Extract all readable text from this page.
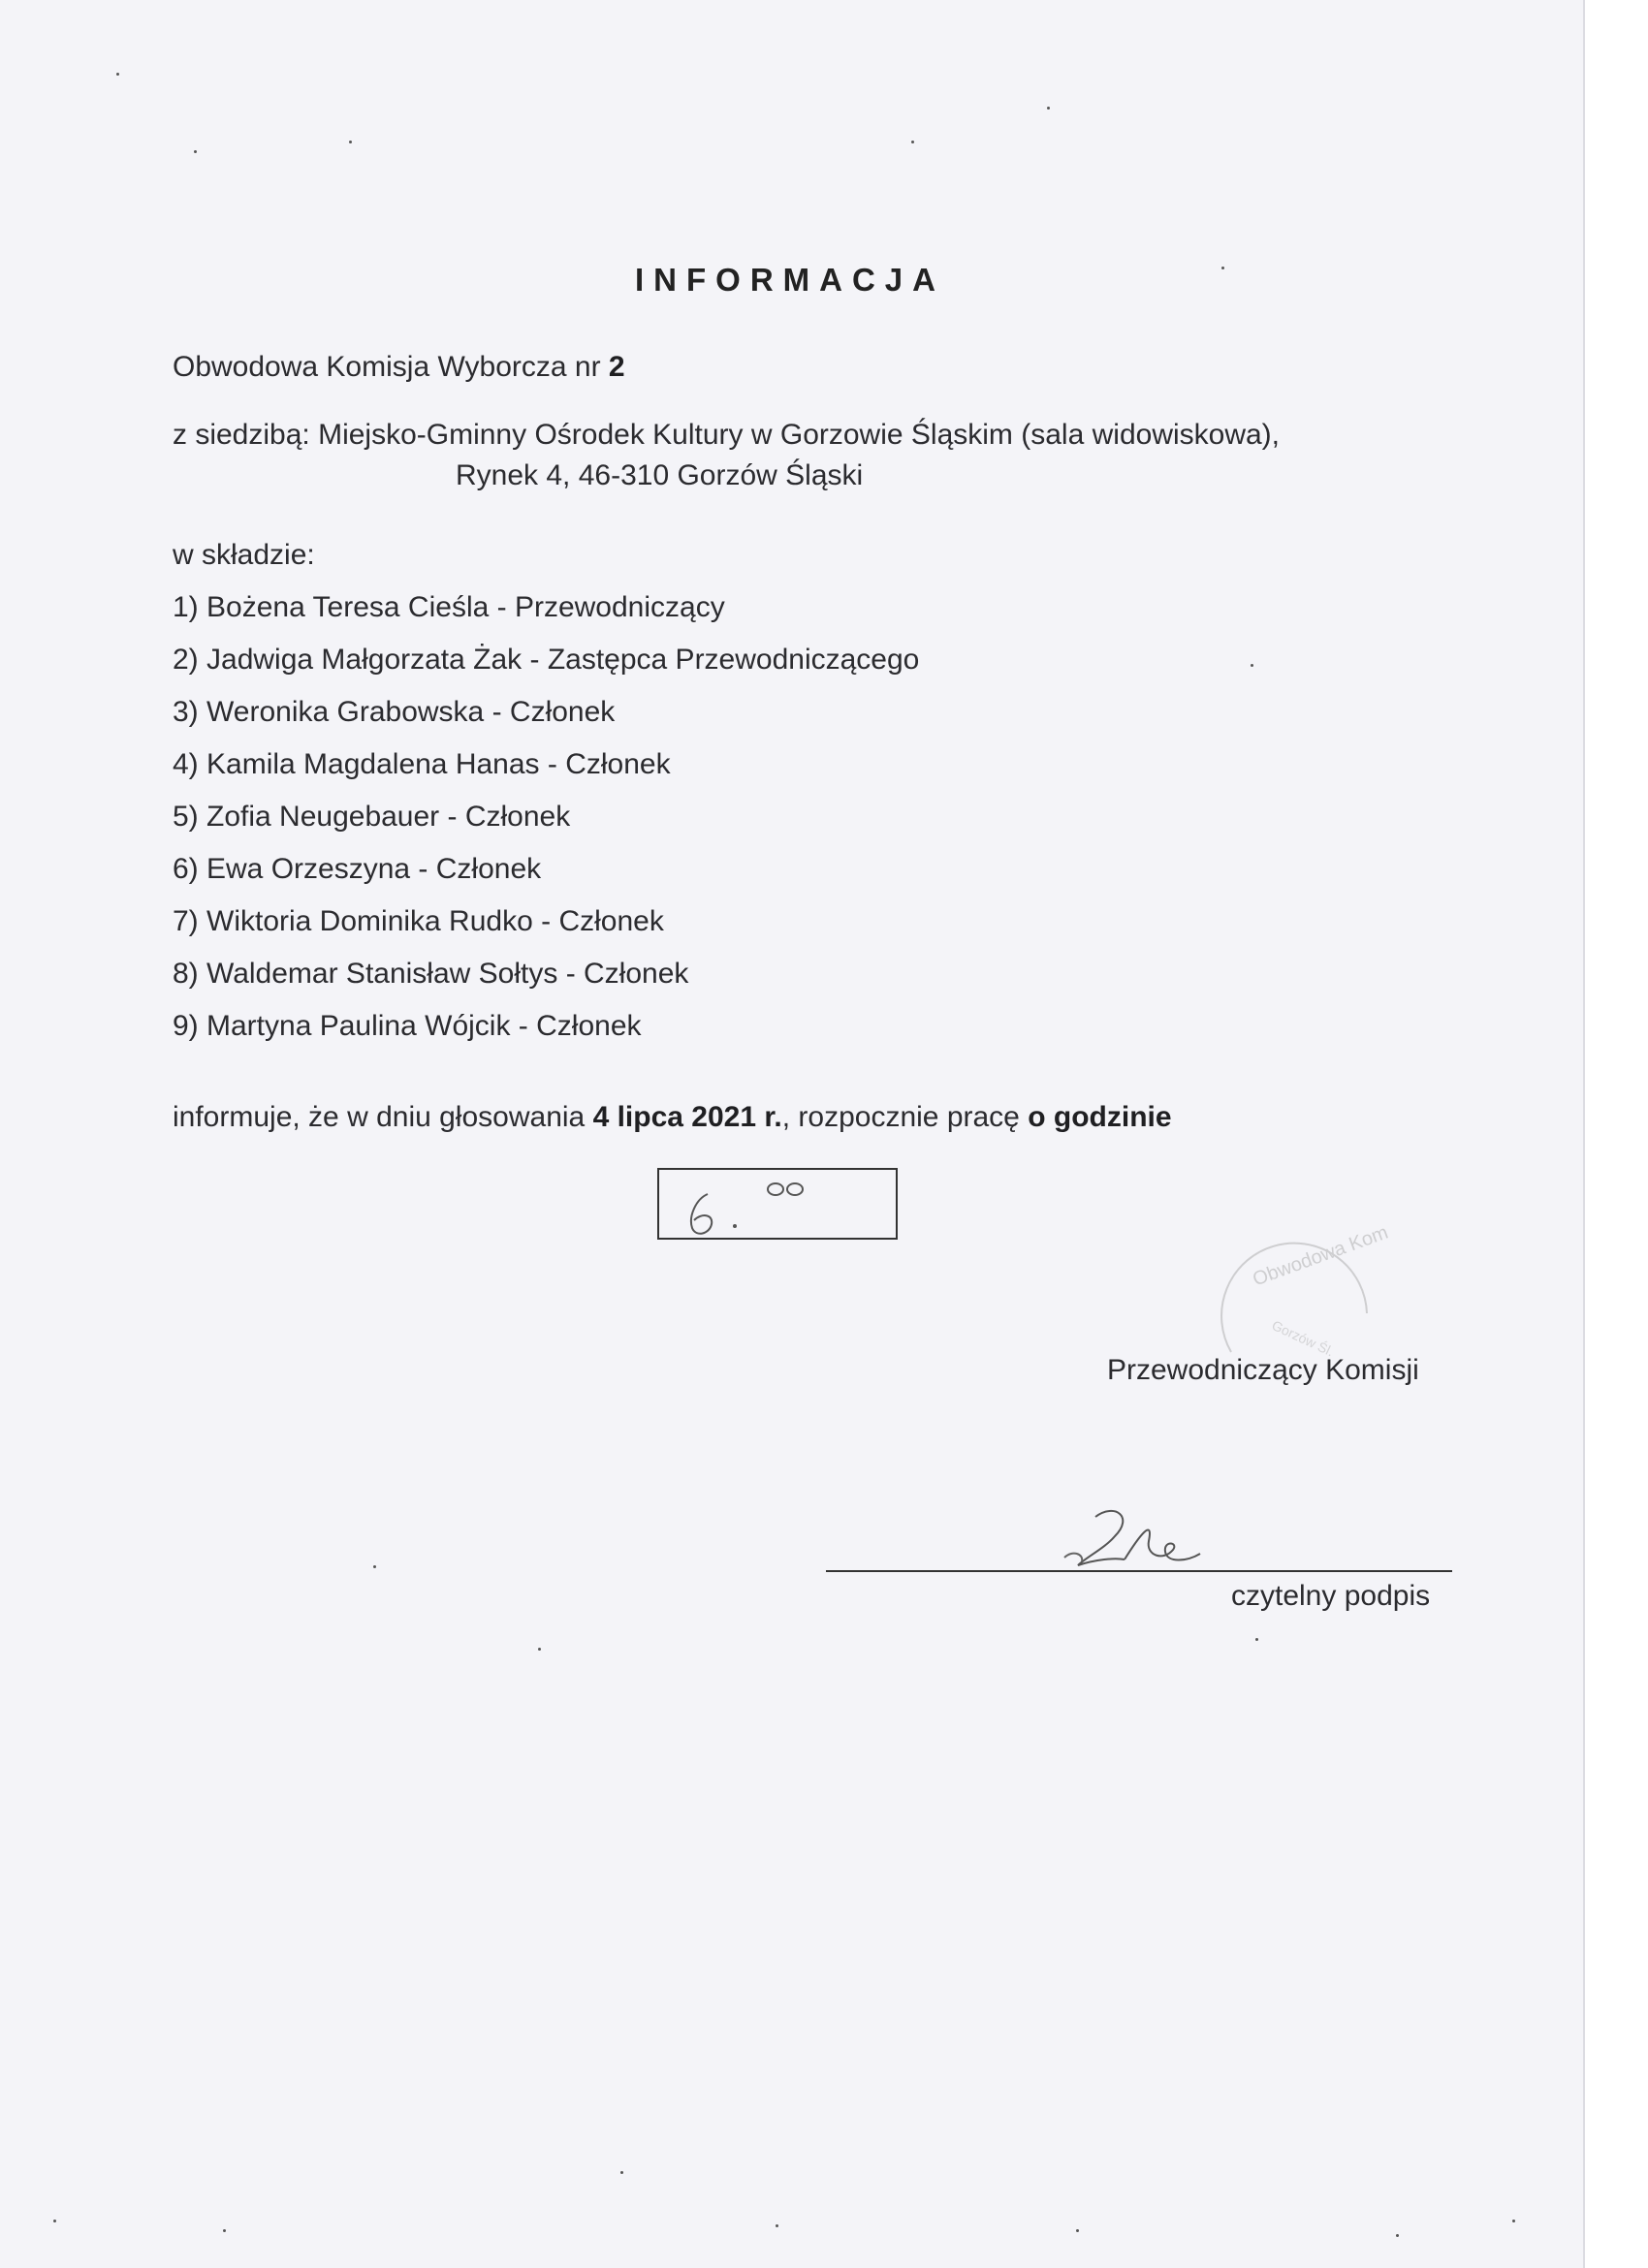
INFORMACJA
Obwodowa Komisja Wyborcza nr 2
z siedzibą: Miejsko-Gminny Ośrodek Kultury w Gorzowie Śląskim (sala widowiskowa),
Rynek 4, 46-310 Gorzów Śląski
w składzie:
1) Bożena Teresa Cieśla - Przewodniczący
2) Jadwiga Małgorzata Żak - Zastępca Przewodniczącego
3) Weronika Grabowska - Członek
4) Kamila Magdalena Hanas - Członek
5) Zofia Neugebauer - Członek
6) Ewa Orzeszyna - Członek
7) Wiktoria Dominika Rudko - Członek
8) Waldemar Stanisław Sołtys - Członek
9) Martyna Paulina Wójcik - Członek
informuje, że w dniu głosowania 4 lipca 2021 r., rozpocznie pracę o godzinie
Obwodowa Kom
Gorzów Śl.
Przewodniczący Komisji
czytelny podpis
